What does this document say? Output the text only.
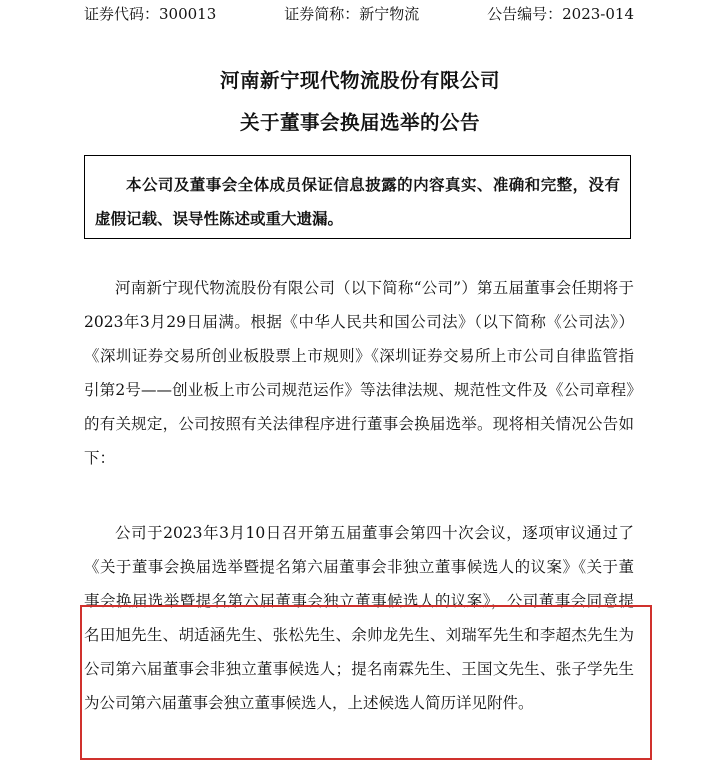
证券代码：300013	证券简称：新宁物流	公告编号：2023-014
河南新宁现代物流股份有限公司
关于董事会换届选举的公告
本公司及董事会全体成员保证信息披露的内容真实、准确和完整，没有虚假记载、误导性陈述或重大遗漏。
河南新宁现代物流股份有限公司（以下简称“公司”）第五届董事会任期将于2023年3月29日届满。根据《中华人民共和国公司法》（以下简称《公司法》）《深圳证券交易所创业板股票上市规则》《深圳证券交易所上市公司自律监管指引第2号——创业板上市公司规范运作》等法律法规、规范性文件及《公司章程》的有关规定，公司按照有关法律程序进行董事会换届选举。现将相关情况公告如下：
公司于2023年3月10日召开第五届董事会第四十次会议，逐项审议通过了《关于董事会换届选举暨提名第六届董事会非独立董事候选人的议案》《关于董事会换届选举暨提名第六届董事会独立董事候选人的议案》，公司董事会同意提名田旭先生、胡适涵先生、张松先生、余帅龙先生、刘瑞军先生和李超杰先生为公司第六届董事会非独立董事候选人；提名南霖先生、王国文先生、张子学先生为公司第六届董事会独立董事候选人，上述候选人简历详见附件。
